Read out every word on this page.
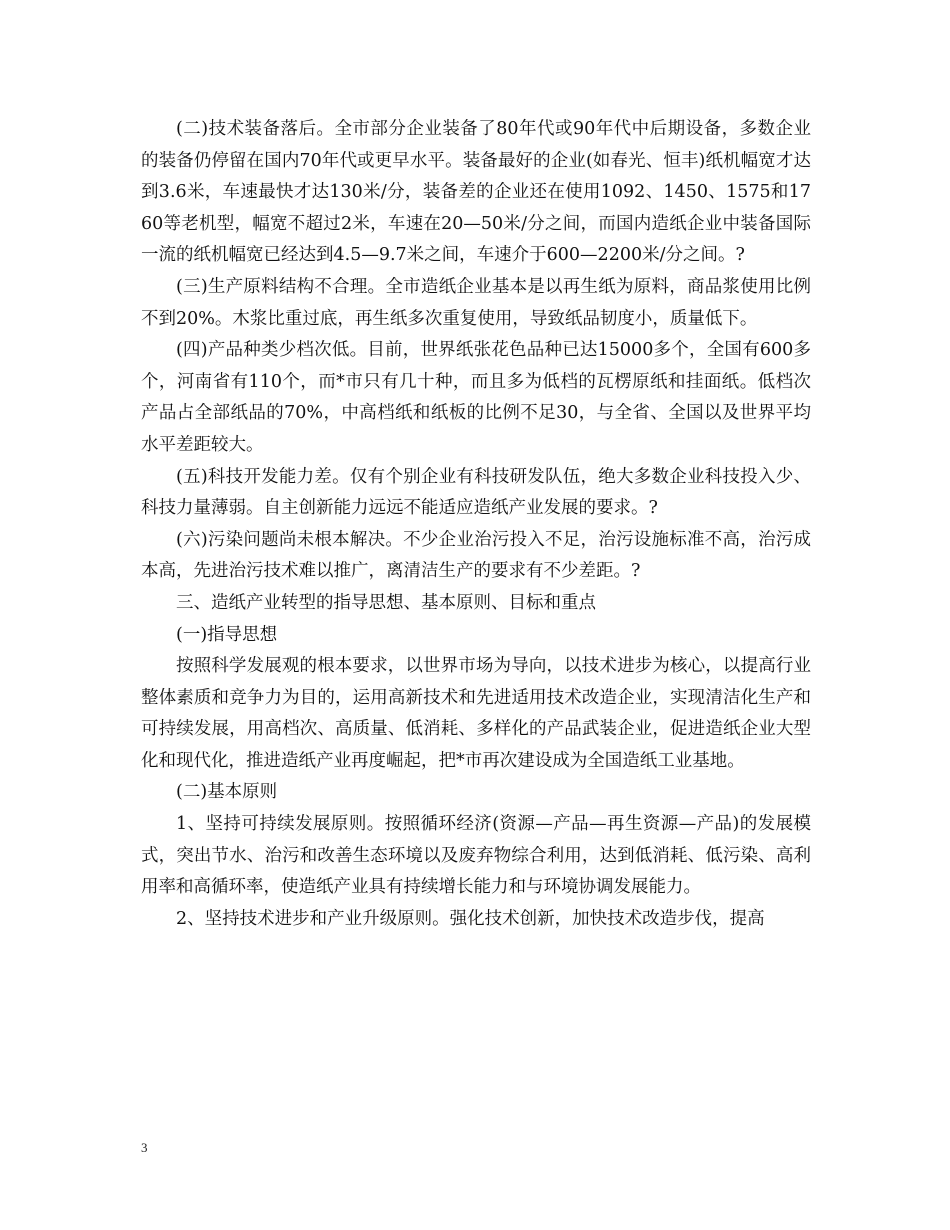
(二)技术装备落后。全市部分企业装备了80年代或90年代中后期设备，多数企业的装备仍停留在国内70年代或更早水平。装备最好的企业(如春光、恒丰)纸机幅宽才达到3.6米，车速最快才达130米/分，装备差的企业还在使用1092、1450、1575和1760等老机型，幅宽不超过2米，车速在20—50米/分之间，而国内造纸企业中装备国际一流的纸机幅宽已经达到4.5—9.7米之间，车速介于600—2200米/分之间。?

(三)生产原料结构不合理。全市造纸企业基本是以再生纸为原料，商品浆使用比例不到20%。木浆比重过底，再生纸多次重复使用，导致纸品韧度小，质量低下。

(四)产品种类少档次低。目前，世界纸张花色品种已达15000多个，全国有600多个，河南省有110个，而*市只有几十种，而且多为低档的瓦楞原纸和挂面纸。低档次产品占全部纸品的70%，中高档纸和纸板的比例不足30，与全省、全国以及世界平均水平差距较大。

(五)科技开发能力差。仅有个别企业有科技研发队伍，绝大多数企业科技投入少、科技力量薄弱。自主创新能力远远不能适应造纸产业发展的要求。?

(六)污染问题尚未根本解决。不少企业治污投入不足，治污设施标准不高，治污成本高，先进治污技术难以推广，离清洁生产的要求有不少差距。?

三、造纸产业转型的指导思想、基本原则、目标和重点

(一)指导思想

按照科学发展观的根本要求，以世界市场为导向，以技术进步为核心，以提高行业整体素质和竞争力为目的，运用高新技术和先进适用技术改造企业，实现清洁化生产和可持续发展，用高档次、高质量、低消耗、多样化的产品武装企业，促进造纸企业大型化和现代化，推进造纸产业再度崛起，把*市再次建设成为全国造纸工业基地。

(二)基本原则

1、坚持可持续发展原则。按照循环经济(资源—产品—再生资源—产品)的发展模式，突出节水、治污和改善生态环境以及废弃物综合利用，达到低消耗、低污染、高利用率和高循环率，使造纸产业具有持续增长能力和与环境协调发展能力。

2、坚持技术进步和产业升级原则。强化技术创新，加快技术改造步伐，提高

3
